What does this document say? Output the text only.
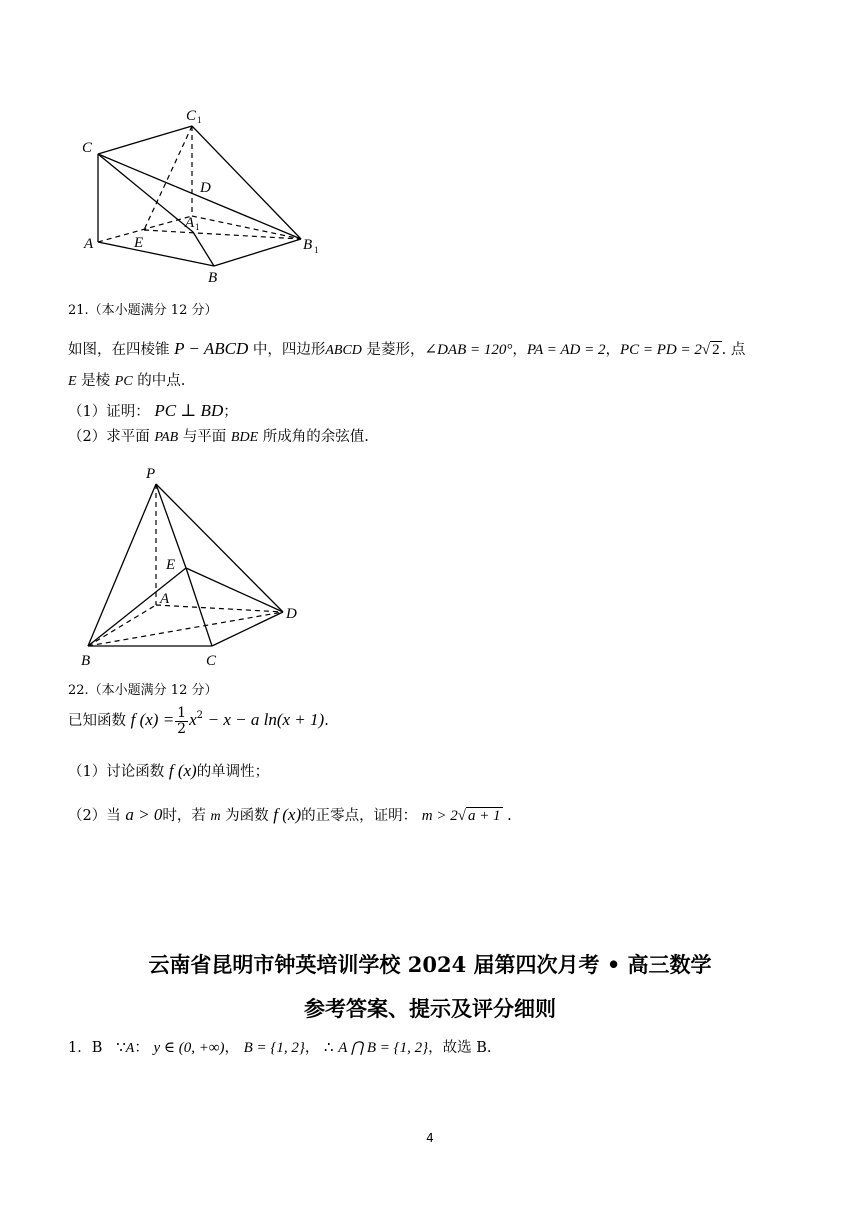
C
C 1
D
A	E
A 1
B
B 1
21.（本小题满分 12 分）
如图，在四棱锥 P − ABCD 中，四边形ABCD 是菱形，∠DAB = 120°，PA = AD = 2，PC = PD = 2√ 2 . 点
E 是棱 PC 的中点.
（1）证明： PC ⊥ BD；
（2）求平面 PAB 与平面 BDE 所成角的余弦值.
P
E
A
D
B	C
22.（本小题满分 12 分）
已知函数 f $(x) = \frac{1}{2} x^2 - x - a$ ln(x + 1).
（1）讨论函数 f (x)的单调性；
（2）当 a > 0时，若 m 为函数 f (x)的正零点，证明： m > 2√ a + 1 .
云南省昆明市钟英培训学校 2024 届第四次月考 • 高三数学
参考答案、提示及评分细则
1．B ∵A： y ∈ (0, +∞)， B = {1, 2}， ∴ A ⋂ B = {1, 2}，故选 B.
4
